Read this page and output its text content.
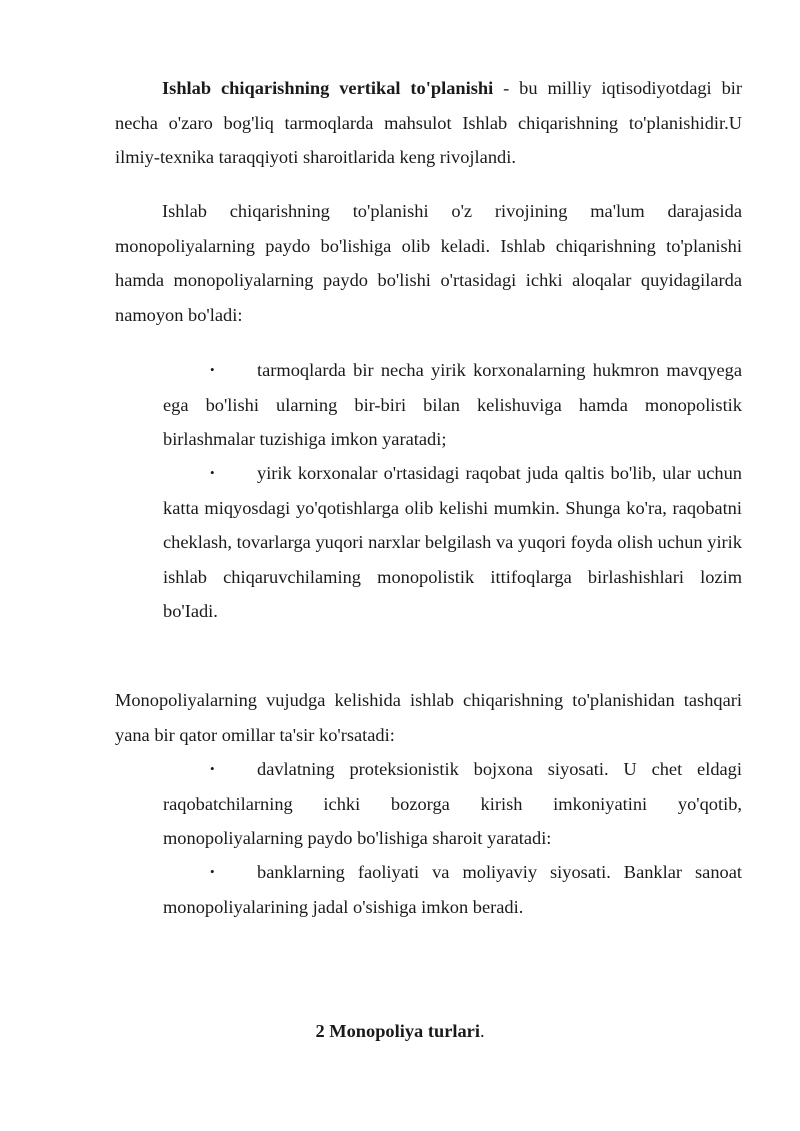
Ishlab chiqarishning vertikal to'planishi - bu milliy iqtisodiyotdagi bir necha o'zaro bog'liq tarmoqlarda mahsulot Ishlab chiqarishning to'planishidir.U ilmiy-texnika taraqqiyoti sharoitlarida keng rivojlandi.

Ishlab chiqarishning to'planishi o'z rivojining ma'lum darajasida monopoliyalarning paydo bo'lishiga olib keladi. Ishlab chiqarishning to'planishi hamda monopoliyalarning paydo bo'lishi o'rtasidagi ichki aloqalar quyidagilarda namoyon bo'ladi:

• tarmoqlarda bir necha yirik korxonalarning hukmron mavqyega ega bo'lishi ularning bir-biri bilan kelishuviga hamda monopolistik birlashmalar tuzishiga imkon yaratadi;
• yirik korxonalar o'rtasidagi raqobat juda qaltis bo'lib, ular uchun katta miqyosdagi yo'qotishlarga olib kelishi mumkin. Shunga ko'ra, raqobatni cheklash, tovarlarga yuqori narxlar belgilash va yuqori foyda olish uchun yirik ishlab chiqaruvchilaming monopolistik ittifoqlarga birlashishlari lozim bo'Iadi.

Monopoliyalarning vujudga kelishida ishlab chiqarishning to'planishidan tashqari yana bir qator omillar ta'sir ko'rsatadi:

• davlatning proteksionistik bojxona siyosati. U chet eldagi raqobatchilarning ichki bozorga kirish imkoniyatini yo'qotib, monopoliyalarning paydo bo'lishiga sharoit yaratadi:
• banklarning faoliyati va moliyaviy siyosati. Banklar sanoat monopoliyalarining jadal o'sishiga imkon beradi.
2 Monopoliya turlari.
